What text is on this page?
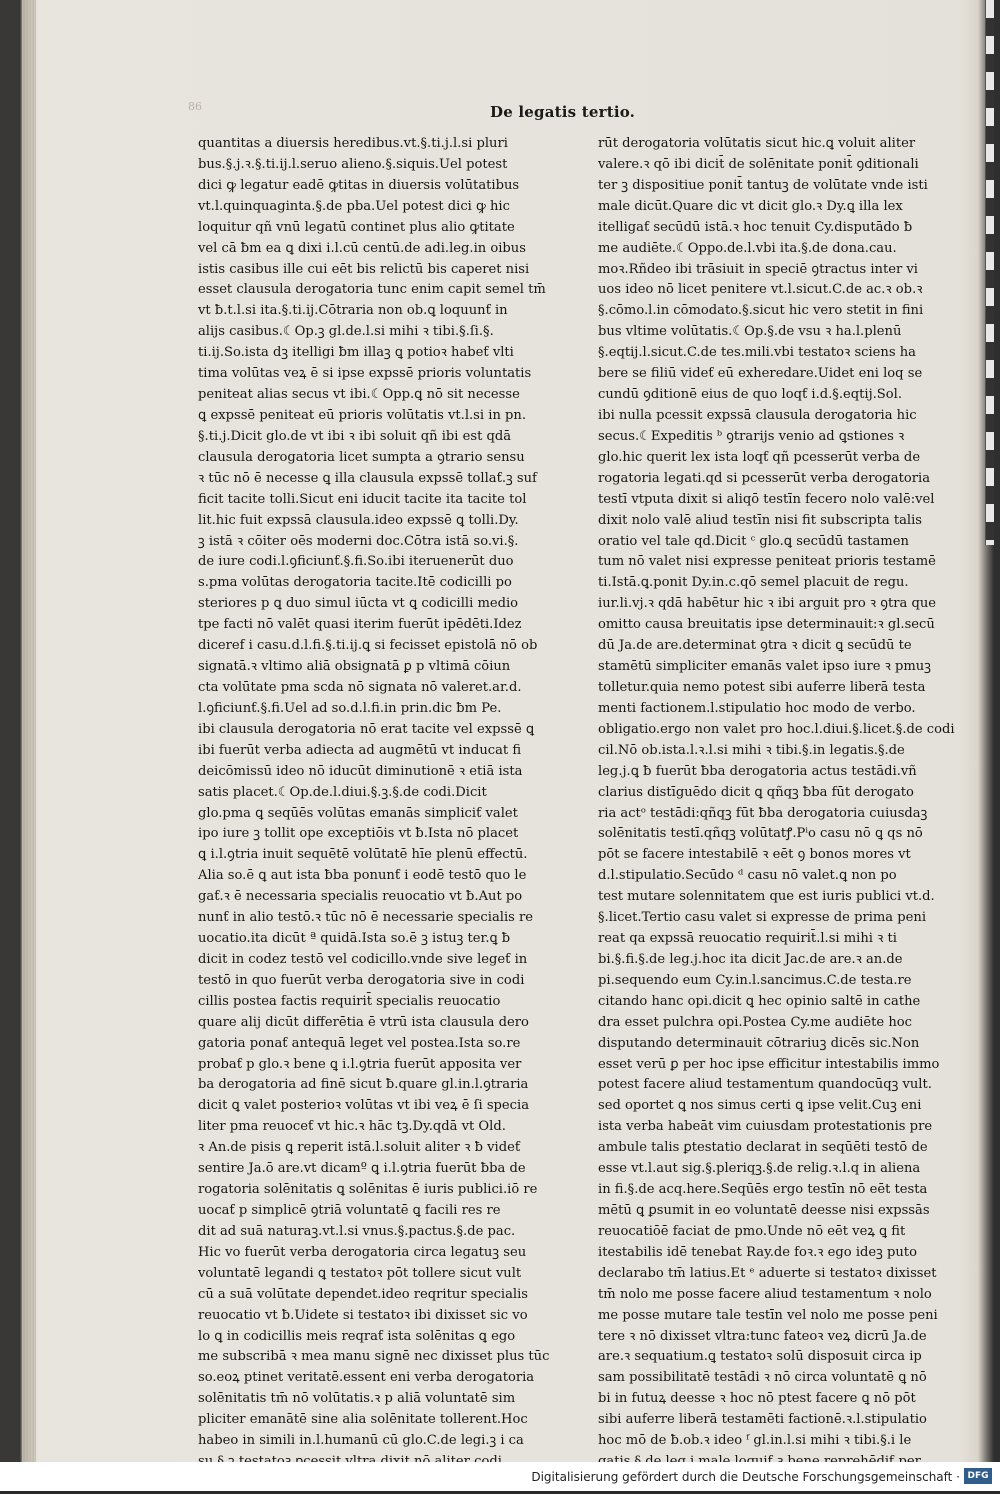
86	De legatis tertio.
quantitas a diuersis heredibus.vt.§.ti.j.l.si pluri
bus.§.j.ꝛ.§.ti.ij.l.seruo alieno.§.siquis.Uel potest
dici ꝙ legatur eadē ꝙtitas in diuersis volūtatibus
vt.l.quinquaginta.§.de pba.Uel potest dici ꝙ hic
loquitur qñ vnū legatū continet plus alio ꝙtitate
vel cā ƀm ea ꝗ dixi i.l.cū centū.de adi.leg.in oibus
istis casibus ille cui eēt bis relictū bis caperet nisi
esset clausula derogatoria tunc enim capit semel tm̄
vt ƀ.t.l.si ita.§.ti.ij.Cōtraria non ob.ꝗ loquunƭ in
alijs casibus.☾Op.ꝫ gl.de.l.si mihi ꝛ tibi.§.ſi.§.
ti.ij.So.ista dꝫ itelligi ƀm illaꝫ ꝗ potioꝛ habeƭ vlti
tima volūtas veꝝ ē si ipse expssē prioris voluntatis
peniteat alias secus vt ibi.☾Opp.ꝗ nō sit necesse
ꝗ expssē peniteat eū prioris volūtatis vt.l.si in pn.
§.ti.j.Dicit glo.de vt ibi ꝛ ibi soluit qñ ibi est qdā
clausula derogatoria licet sumpta a ꝯtrario sensu
ꝛ tūc nō ē necesse ꝗ illa clausula expssē tollaƭ.ꝫ suf
ficit tacite tolli.Sicut eni iducit tacite ita tacite tol
lit.hic fuit expssā clausula.ideo expssē ꝗ tolli.Dy.
ꝫ istā ꝛ cōiter oēs moderni doc.Cōtra istā so.vi.§.
de iure codi.l.ꝯficiunƭ.§.fi.So.ibi iteruenerūt duo
s.pma volūtas derogatoria tacite.Itē codicilli po
steriores p ꝗ duo simul iūcta vt ꝗ codicilli medio
tpe facti nō valēt quasi iterim fuerūt ipēdēti.Idez
diceref i casu.d.l.fi.§.ti.ij.ꝗ si fecisset epistolā nō ob
signatā.ꝛ vltimo aliā obsignatā ꝑ p vltimā cōiun
cta volūtate pma scda nō signata nō valeret.ar.d.
l.ꝯficiunƭ.§.fi.Uel ad so.d.l.fi.in prin.dic ƀm Pe.
ibi clausula derogatoria nō erat tacite vel expssē ꝗ
ibi fuerūt verba adiecta ad augmētū vt inducat fi
deicōmissū ideo nō iducūt diminutionē ꝛ etiā ista
satis placet.☾Op.de.l.diui.§.ꝫ.§.de codi.Dicit
glo.pma ꝗ seqūēs volūtas emanās simpliciƭ valet
ipo iure ꝫ tollit ope exceptiōis vt ƀ.Ista nō placet
ꝗ i.l.ꝯtria inuit sequētē volūtatē hīe plenū effectū.
Alia so.ē ꝗ aut ista ƀba ponunƭ i eodē testō quo le
gaƭ.ꝛ ē necessaria specialis reuocatio vt ƀ.Aut po
nunƭ in alio testō.ꝛ tūc nō ē necessarie specialis re
uocatio.ita dicūt ª quidā.Ista so.ē ꝫ istuꝫ ter.ꝗ ƀ
dicit in codez testō vel codicillo.vnde sive legeƭ in
testō in quo fuerūt verba derogatoria sive in codi
cillis postea factis requirit̄ specialis reuocatio
quare alij dicūt differētia ē vtrū ista clausula dero
gatoria ponaƭ antequā leget vel postea.Ista so.re
probaƭ p glo.ꝛ bene ꝗ i.l.ꝯtria fuerūt apposita ver
ba derogatoria ad finē sicut ƀ.quare gl.in.l.ꝯtraria
dicit ꝗ valet posterioꝛ volūtas vt ibi veꝝ ē ſi specia
liter pma reuoceƭ vt hic.ꝛ hāc tꝫ.Dy.qdā vt Old.
ꝛ An.de pisis ꝗ reperit istā.l.soluit aliter ꝛ ƀ videƭ
sentire Ja.ō are.vt dicamº ꝗ i.l.ꝯtria fuerūt ƀba de
rogatoria solēnitatis ꝗ solēnitas ē iuris publici.iō re
uocaƭ p simplicē ꝯtriā voluntatē ꝗ facili res re
dit ad suā naturaꝫ.vt.l.si vnus.§.pactus.§.de pac.
Hic vo fuerūt verba derogatoria circa legatuꝫ seu
voluntatē legandi ꝗ testatoꝛ pōt tollere sicut vult
cū a suā volūtate dependet.ideo reqritur specialis
reuocatio vt ƀ.Uidete si testatoꝛ ibi dixisset sic vo
lo ꝗ in codicillis meis reqraƭ ista solēnitas ꝗ ego
me subscribā ꝛ mea manu signē nec dixisset plus tūc
so.eoꝝ ptinet veritatē.essent eni verba derogatoria
solēnitatis tm̄ nō volūtatis.ꝛ p aliā voluntatē sim
pliciter emanātē sine alia solēnitate tollerent.Hoc
habeo in simili in.l.humanū cū glo.C.de legi.ꝫ i ca
rūt derogatoria volūtatis sicut hic.ꝗ voluit aliter
valere.ꝛ qō ibi dicit̄ de solēnitate ponit̄ ꝯditionali
ter ꝫ dispositiue ponit̄ tantuꝫ de volūtate vnde isti
male dicūt.Quare dic vt dicit glo.ꝛ Dy.ꝗ illa lex
itelligaƭ secūdū istā.ꝛ hoc tenuit Cy.disputādo ƀ
me audiēte.☾Oppo.de.l.vbi ita.§.de dona.cau.
moꝛ.Rñdeo ibi trāsiuit in speciē ꝯtractus inter vi
uos ideo nō licet penitere vt.l.sicut.C.de ac.ꝛ ob.ꝛ
§.cōmo.l.in cōmodato.§.sicut hic vero stetit in fini
bus vltime volūtatis.☾Op.§.de vsu ꝛ ha.l.plenū
§.eqtij.l.sicut.C.de tes.mili.vbi testatoꝛ sciens ha
bere se filiū videƭ eū exheredare.Uidet eni loq se
cundū ꝯditionē eius de quo loqƭ i.d.§.eqtij.Sol.
ibi nulla pcessit expssā clausula derogatoria hic
secus.☾Expeditis ᵇ ꝯtrarijs venio ad ꝗstiones ꝛ
glo.hic querit lex ista loqƭ qñ pcesserūt verba de
rogatoria legati.qd si pcesserūt verba derogatoria
testī vtputa dixit si aliqō testīn fecero nolo valē:vel
dixit nolo valē aliud testīn nisi fit subscripta talis
oratio vel tale qd.Dicit ᶜ glo.ꝗ secūdū tastamen
tum nō valet nisi expresse peniteat prioris testamē
ti.Istā.ꝗ.ponit Dy.in.c.qō semel placuit de regu.
iur.li.vj.ꝛ qdā habētur hic ꝛ ibi arguit pro ꝛ ꝯtra que
omitto causa breuitatis ipse determinauit:ꝛ gl.secū
dū Ja.de are.determinat ꝯtra ꝛ dicit ꝗ secūdū te
stamētū simpliciter emanās valet ipso iure ꝛ pmuꝫ
tolletur.quia nemo potest sibi auferre liberā testa
menti factionem.l.stipulatio hoc modo de verbo.
obligatio.ergo non valet pro hoc.l.diui.§.licet.§.de codi
cil.Nō ob.ista.l.ꝛ.l.si mihi ꝛ tibi.§.in legatis.§.de
leg.j.ꝗ ƀ fuerūt ƀba derogatoria actus testādi.vñ
clarius distīguēdo dicit ꝗ qñqꝫ ƀba fūt derogato
ria actᵒ testādi:qñqꝫ fūt ƀba derogatoria cuiusdaꝫ
solēnitatis testī.qñqꝫ volūtatꝭ.Pⁱo casu nō ꝗ qs nō
pōt se facere intestabilē ꝛ eēt ꝯ bonos mores vt
d.l.stipulatio.Secūdo ᵈ casu nō valet.ꝗ non po
test mutare solennitatem que est iuris publici vt.d.
§.licet.Tertio casu valet si expresse de prima peni
reat qa expssā reuocatio requirit̄.l.si mihi ꝛ ti
bi.§.fi.§.de leg.j.hoc ita dicit Jac.de are.ꝛ an.de
pi.sequendo eum Cy.in.l.sancimus.C.de testa.re
citando hanc opi.dicit ꝗ hec opinio saltē in cathe
dra esset pulchra opi.Postea Cy.me audiēte hoc
disputando determinauit cōtrariuꝫ dicēs sic.Non
esset verū ꝑ per hoc ipse efficitur intestabilis immo
potest facere aliud testamentum quandocūqꝫ vult.
sed oportet ꝗ nos simus certi ꝗ ipse velit.Cuꝫ eni
ista verba habeāt vim cuiusdam protestationis pre
ambule talis ꝑtestatio declarat in seqūēti testō de
esse vt.l.aut sig.§.pleriqꝫ.§.de relig.ꝛ.l.q in aliena
in fi.§.de acq.here.Seqūēs ergo testīn nō eēt testa
mētū ꝗ ꝑsumit in eo voluntatē deesse nisi expssās
reuocatiōē faciat de pmo.Unde nō eēt veꝝ ꝗ fit
itestabilis idē tenebat Ray.de foꝛ.ꝛ ego ideꝫ puto
declarabo tm̄ latius.Et ᵉ aduerte si testatoꝛ dixisset
tm̄ nolo me posse facere aliud testamentum ꝛ nolo
me posse mutare tale testīn vel nolo me posse peni
tere ꝛ nō dixisset vltra:tunc fateoꝛ veꝝ dicrū Ja.de
are.ꝛ sequatium.ꝗ testatoꝛ solū disposuit circa ip
sam possibilitatē testādi ꝛ nō circa voluntatē ꝗ nō
bi in futuꝝ deesse ꝛ hoc nō ptest facere ꝗ nō pōt
sibi auferre liberā testamēti factionē.ꝛ.l.stipulatio
hoc mō de ƀ.ob.ꝛ ideo ᶠ gl.in.l.si mihi ꝛ tibi.§.i le
Digitalisierung gefördert durch die Deutsche Forschungsgemeinschaft · DFG
